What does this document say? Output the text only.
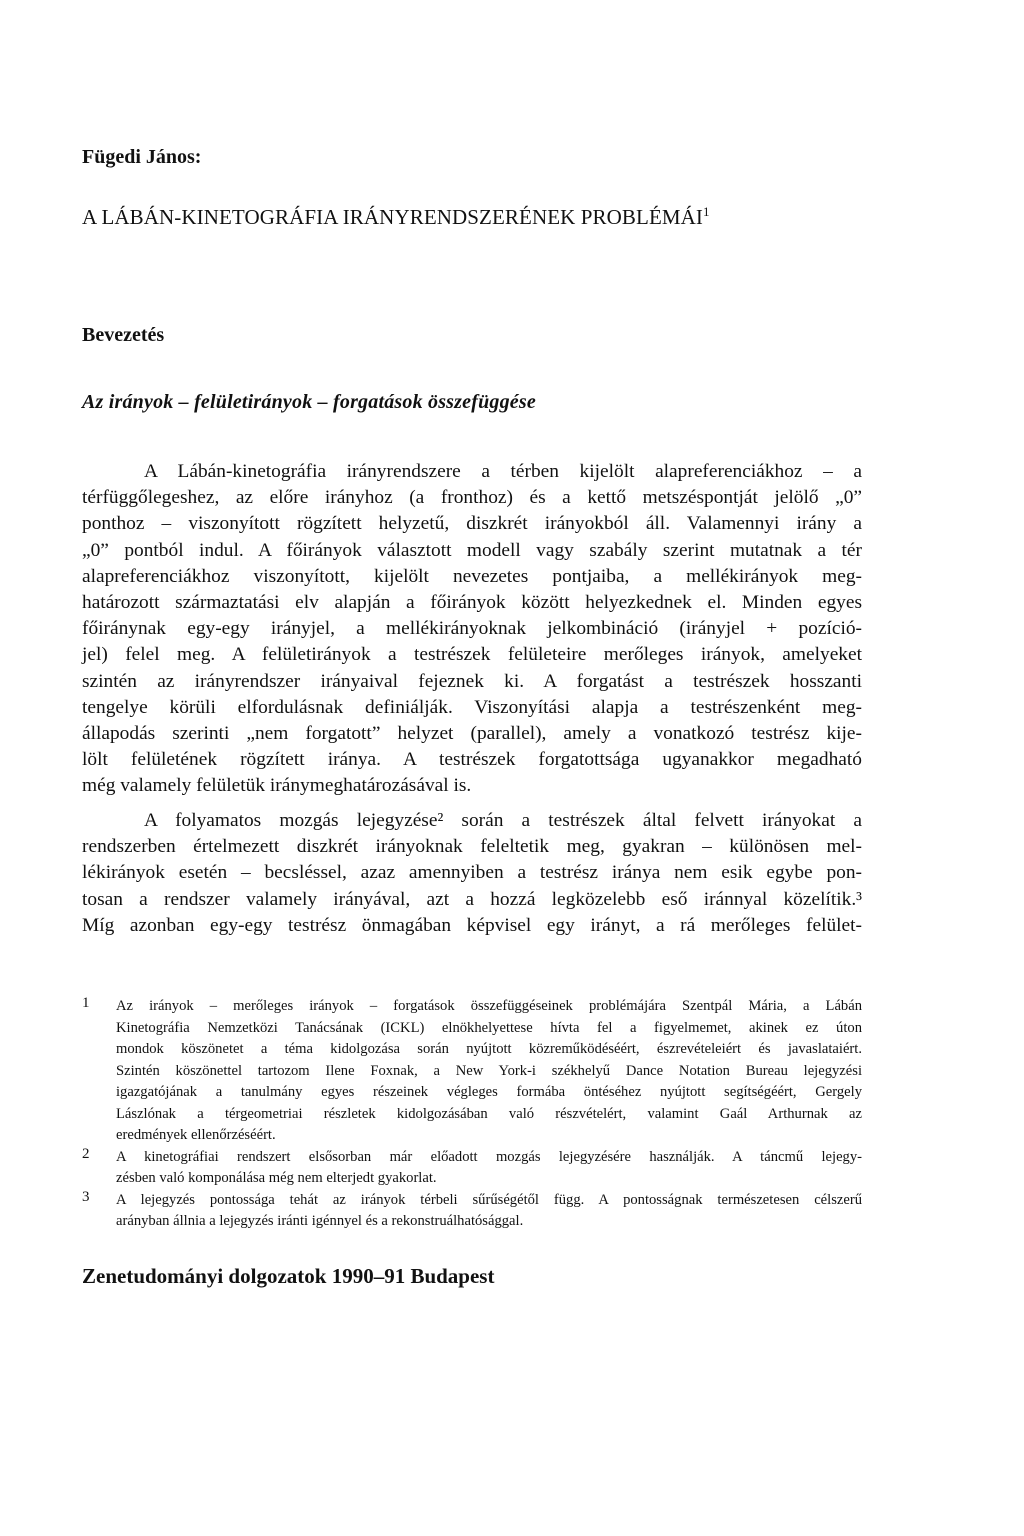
Fügedi János:
A LÁBÁN-KINETOGRÁFIA IRÁNYRENDSZERÉNEK PROBLÉMÁI$^1$
Bevezetés
Az irányok – felületirányok – forgatások összefüggése
A Lábán-kinetográfia irányrendszere a térben kijelölt alapreferenciákhoz – a
térfüggőlegeshez, az előre irányhoz (a fronthoz) és a kettő metszéspontját jelölő „0”
ponthoz – viszonyított rögzített helyzetű, diszkrét irányokból áll. Valamennyi irány a
„0” pontból indul. A főirányok választott modell vagy szabály szerint mutatnak a tér
alapreferenciákhoz viszonyított, kijelölt nevezetes pontjaiba, a mellékirányok meg-
határozott származtatási elv alapján a főirányok között helyezkednek el. Minden egyes
főiránynak egy-egy irányjel, a mellékirányoknak jelkombináció (irányjel + pozíció-
jel) felel meg. A felületirányok a testrészek felületeire merőleges irányok, amelyeket
szintén az irányrendszer irányaival fejeznek ki. A forgatást a testrészek hosszanti
tengelye körüli elfordulásnak definiálják. Viszonyítási alapja a testrészenként meg-
állapodás szerinti „nem forgatott” helyzet (parallel), amely a vonatkozó testrész kije-
lölt felületének rögzített iránya. A testrészek forgatottsága ugyanakkor megadható
még valamely felületük iránymeghatározásával is.
A folyamatos mozgás lejegyzése² során a testrészek által felvett irányokat a
rendszerben értelmezett diszkrét irányoknak feleltetik meg, gyakran – különösen mel-
lékirányok esetén – becsléssel, azaz amennyiben a testrész iránya nem esik egybe pon-
tosan a rendszer valamely irányával, azt a hozzá legközelebb eső iránnyal közelítik.³
Míg azonban egy-egy testrész önmagában képvisel egy irányt, a rá merőleges felület-
1 Az irányok – merőleges irányok – forgatások összefüggéseinek problémájára Szentpál Mária, a Lábán
Kinetográfia Nemzetközi Tanácsának (ICKL) elnökhelyettese hívta fel a figyelmemet, akinek ez úton
mondok köszönetet a téma kidolgozása során nyújtott közreműködéséért, észrevételeiért és javaslataiért.
Szintén köszönettel tartozom Ilene Foxnak, a New York-i székhelyű Dance Notation Bureau lejegyzési
igazgatójának a tanulmány egyes részeinek végleges formába öntéséhez nyújtott segítségéért, Gergely
Lászlónak a térgeometriai részletek kidolgozásában való részvételért, valamint Gaál Arthurnak az
eredmények ellenőrzéséért.
2 A kinetográfiai rendszert elsősorban már előadott mozgás lejegyzésére használják. A táncmű lejegy-
zésben való komponálása még nem elterjedt gyakorlat.
3 A lejegyzés pontossága tehát az irányok térbeli sűrűségétől függ. A pontosságnak természetesen célszerű
arányban állnia a lejegyzés iránti igénnyel és a rekonstruálhatósággal.
Zenetudományi dolgozatok 1990–91 Budapest
